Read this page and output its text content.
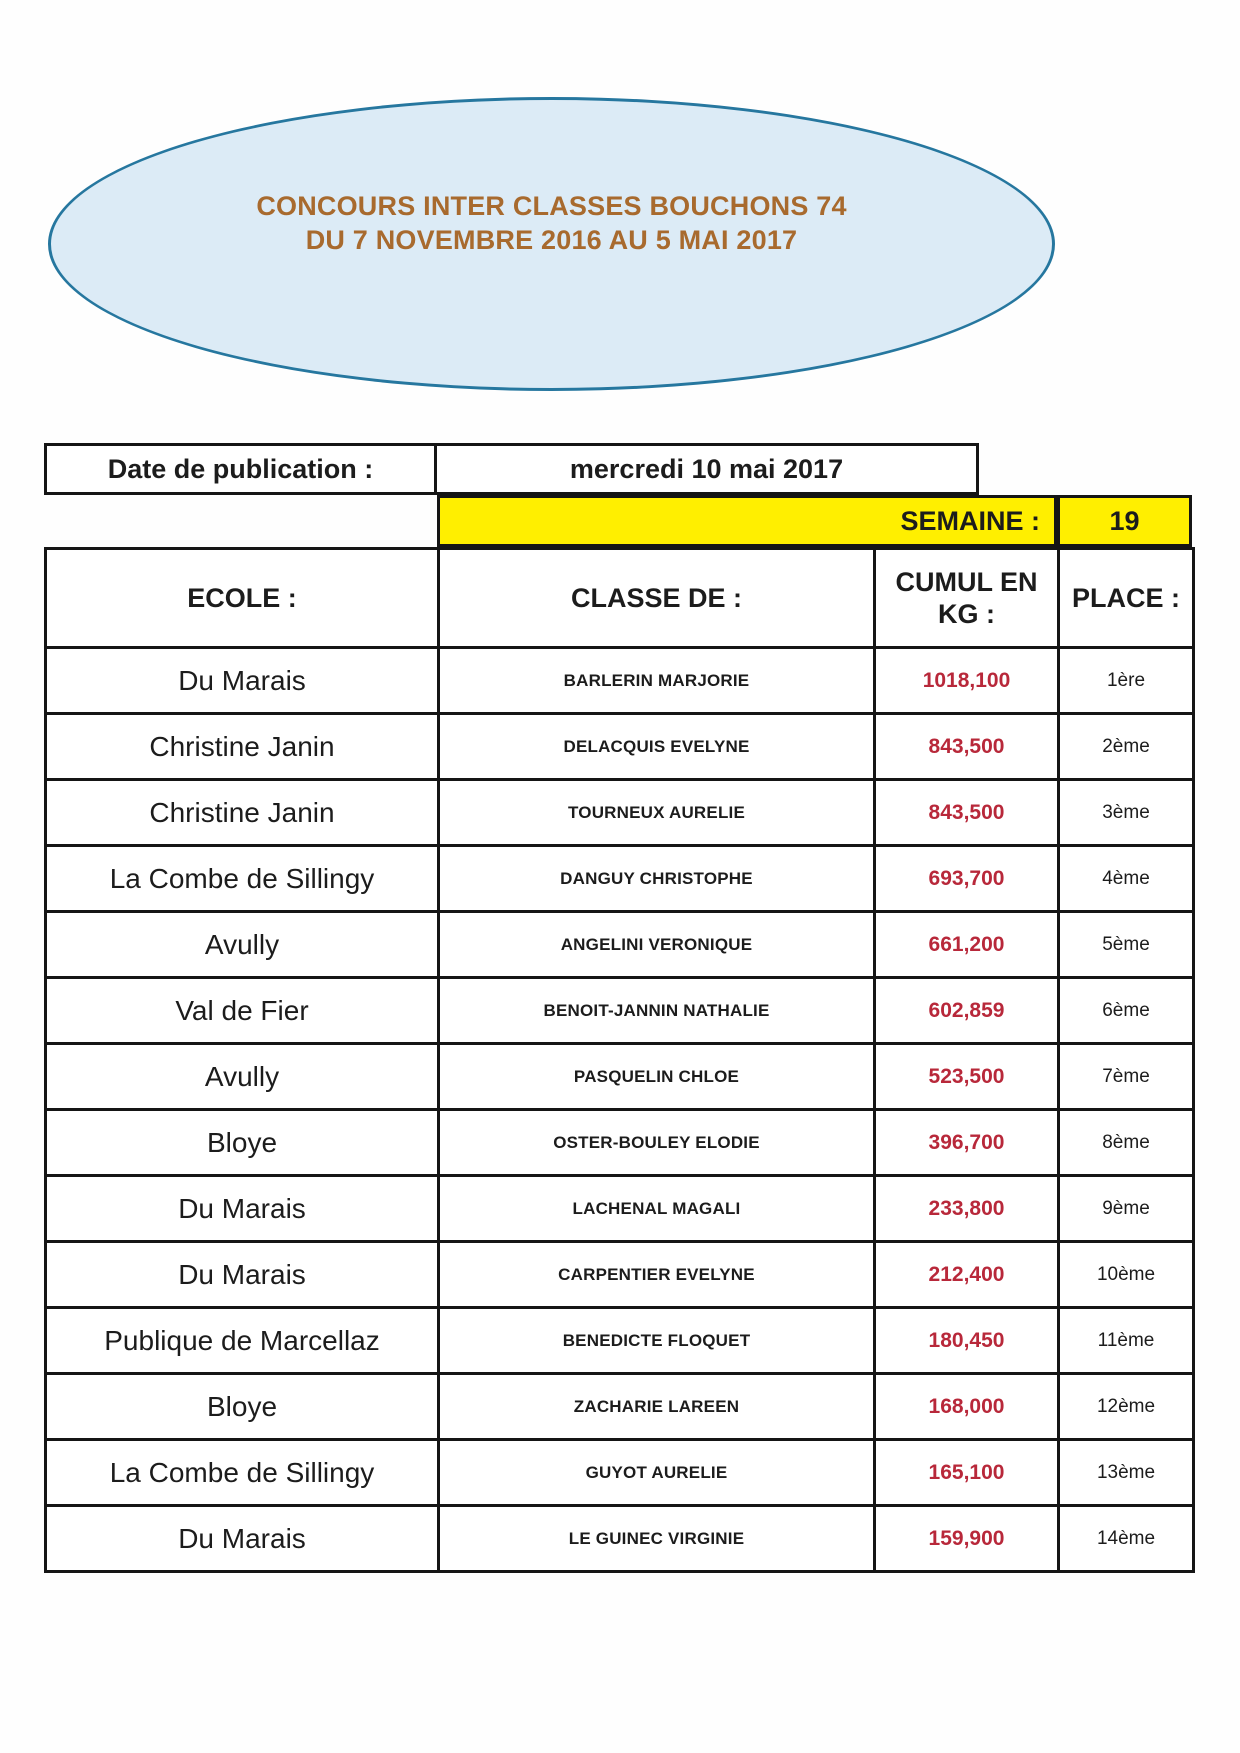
CONCOURS INTER CLASSES BOUCHONS 74
DU 7 NOVEMBRE 2016 AU 5 MAI 2017
Date de publication :	mercredi 10 mai 2017
SEMAINE :	19
ECOLE :	CLASSE DE :	CUMUL EN KG :	PLACE :
Du Marais	BARLERIN MARJORIE	1018,100	1ère
Christine Janin	DELACQUIS EVELYNE	843,500	2ème
Christine Janin	TOURNEUX AURELIE	843,500	3ème
La Combe de Sillingy	DANGUY CHRISTOPHE	693,700	4ème
Avully	ANGELINI VERONIQUE	661,200	5ème
Val de Fier	BENOIT-JANNIN NATHALIE	602,859	6ème
Avully	PASQUELIN CHLOE	523,500	7ème
Bloye	OSTER-BOULEY ELODIE	396,700	8ème
Du Marais	LACHENAL MAGALI	233,800	9ème
Du Marais	CARPENTIER EVELYNE	212,400	10ème
Publique de Marcellaz	BENEDICTE FLOQUET	180,450	11ème
Bloye	ZACHARIE LAREEN	168,000	12ème
La Combe de Sillingy	GUYOT AURELIE	165,100	13ème
Du Marais	LE GUINEC VIRGINIE	159,900	14ème
